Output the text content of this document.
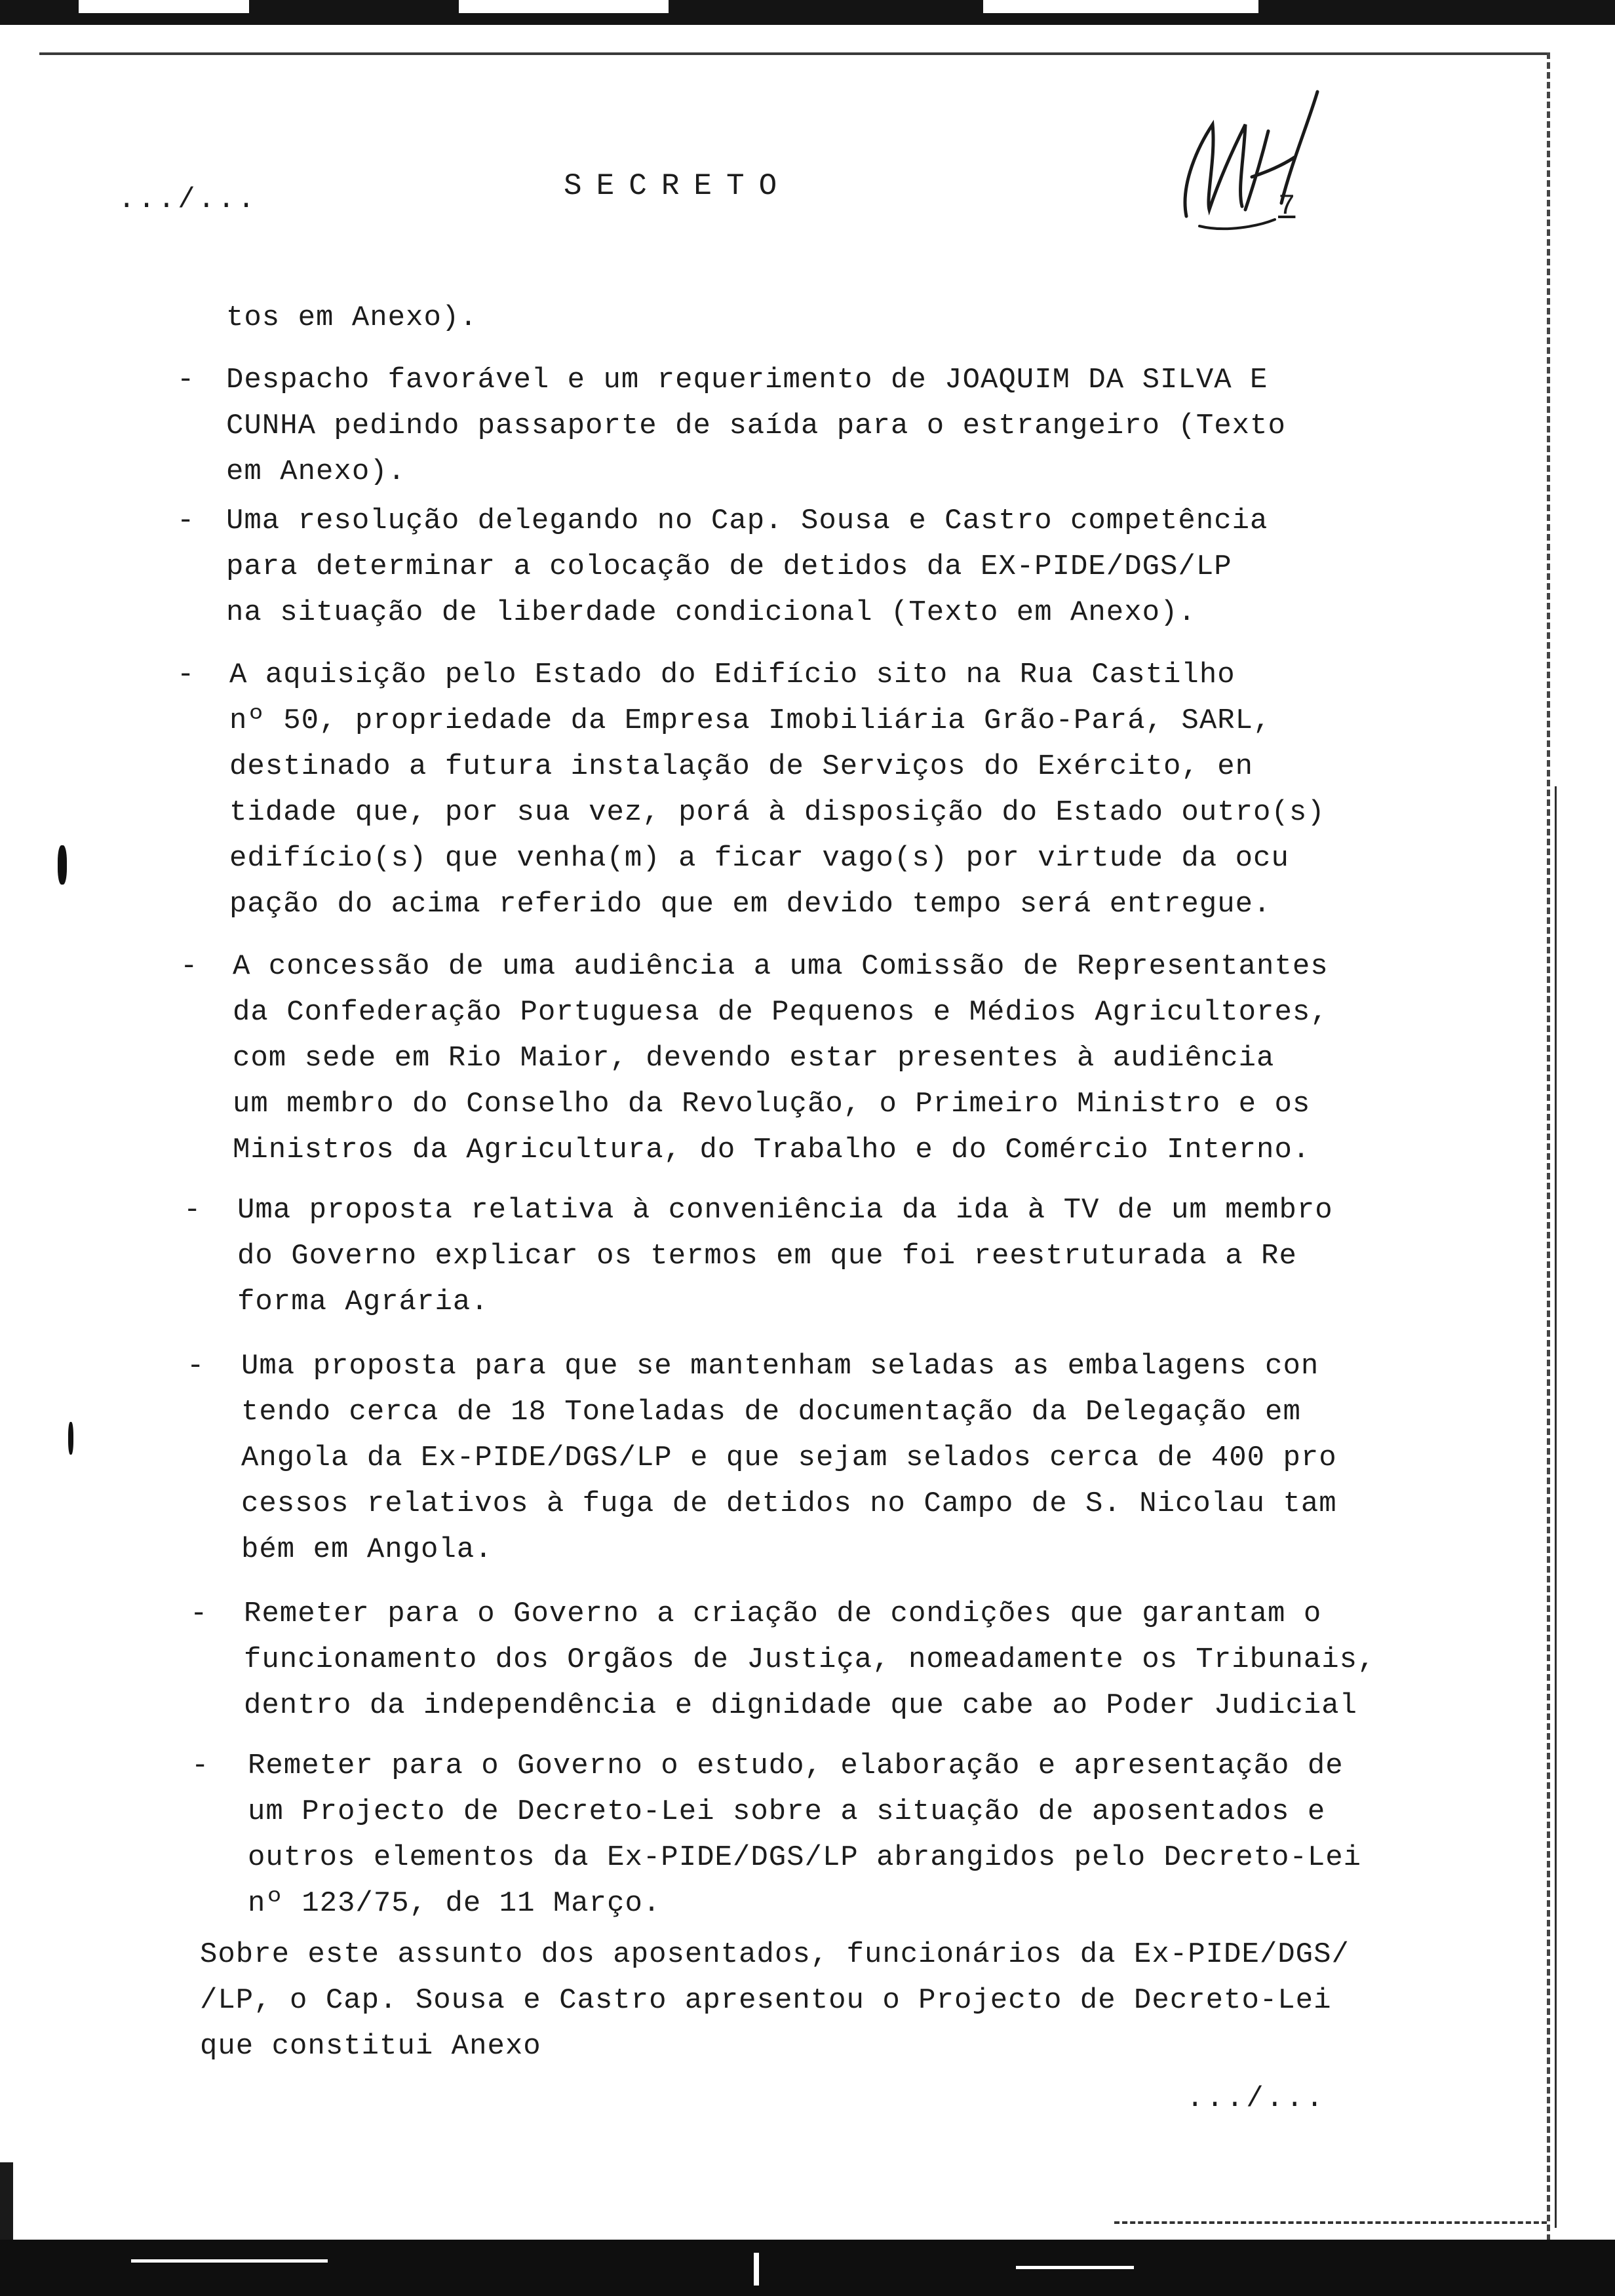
.../...	SECRETO
7
tos em Anexo).
- Despacho favorável e um requerimento de JOAQUIM DA SILVA E
CUNHA pedindo passaporte de saída para o estrangeiro (Texto
em Anexo).
- Uma resolução delegando no Cap. Sousa e Castro competência
para determinar a colocação de detidos da EX-PIDE/DGS/LP
na situação de liberdade condicional (Texto em Anexo).
- A aquisição pelo Estado do Edifício sito na Rua Castilho
nº 50, propriedade da Empresa Imobiliária Grão-Pará, SARL,
destinado a futura instalação de Serviços do Exército, en
tidade que, por sua vez, porá à disposição do Estado outro(s)
edifício(s) que venha(m) a ficar vago(s) por virtude da ocu
pação do acima referido que em devido tempo será entregue.
- A concessão de uma audiência a uma Comissão de Representantes
da Confederação Portuguesa de Pequenos e Médios Agricultores,
com sede em Rio Maior, devendo estar presentes à audiência
um membro do Conselho da Revolução, o Primeiro Ministro e os
Ministros da Agricultura, do Trabalho e do Comércio Interno.
- Uma proposta relativa à conveniência da ida à TV de um membro
do Governo explicar os termos em que foi reestruturada a Re
forma Agrária.
- Uma proposta para que se mantenham seladas as embalagens con
tendo cerca de 18 Toneladas de documentação da Delegação em
Angola da Ex-PIDE/DGS/LP e que sejam selados cerca de 400 pro
cessos relativos à fuga de detidos no Campo de S. Nicolau tam
bém em Angola.
- Remeter para o Governo a criação de condições que garantam o
funcionamento dos Orgãos de Justiça, nomeadamente os Tribunais,
dentro da independência e dignidade que cabe ao Poder Judicial
- Remeter para o Governo o estudo, elaboração e apresentação de
um Projecto de Decreto-Lei sobre a situação de aposentados e
outros elementos da Ex-PIDE/DGS/LP abrangidos pelo Decreto-Lei
nº 123/75, de 11 Março.
Sobre este assunto dos aposentados, funcionários da Ex-PIDE/DGS/
/LP, o Cap. Sousa e Castro apresentou o Projecto de Decreto-Lei
que constitui Anexo
.../...
